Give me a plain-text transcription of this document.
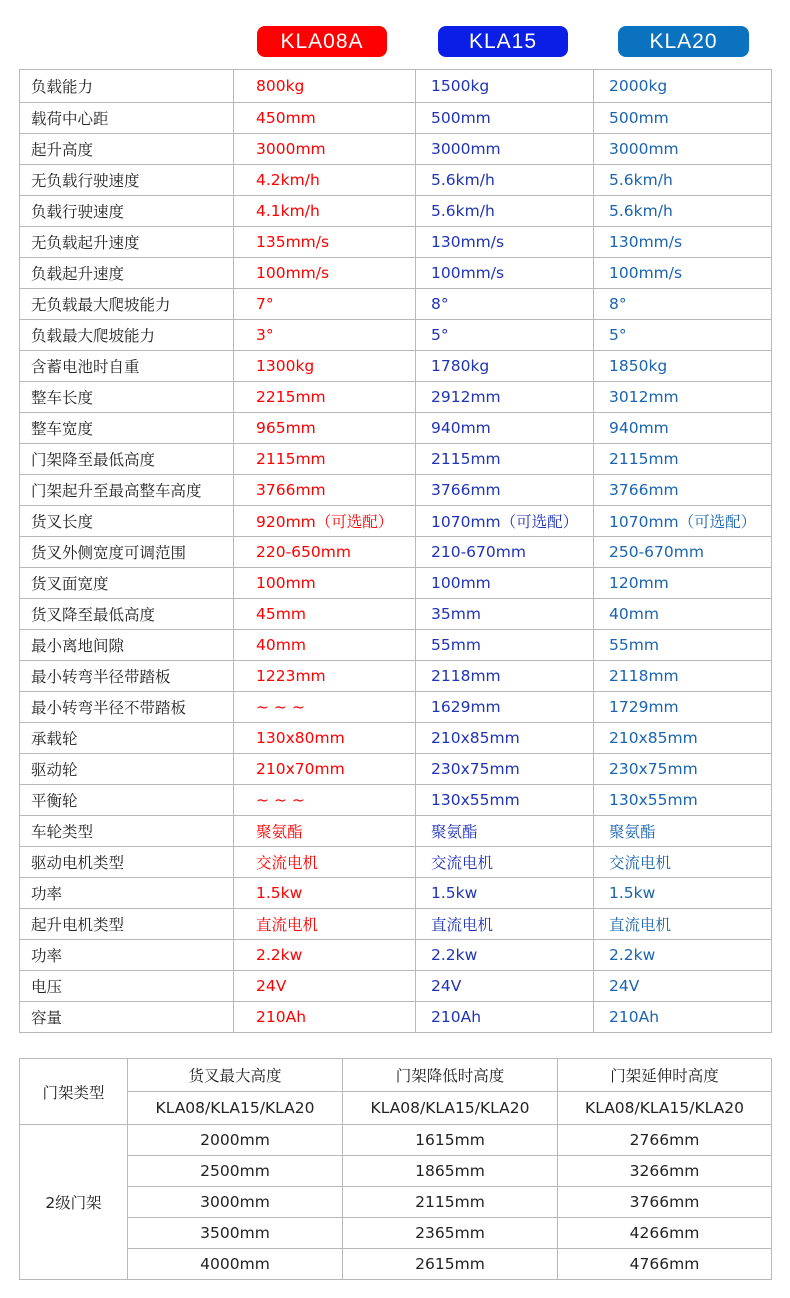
KLA08A	KLA15	KLA20
负载能力	800kg	1500kg	2000kg
载荷中心距	450mm	500mm	500mm
起升高度	3000mm	3000mm	3000mm
无负载行驶速度	4.2km/h	5.6km/h	5.6km/h
负载行驶速度	4.1km/h	5.6km/h	5.6km/h
无负载起升速度	135mm/s	130mm/s	130mm/s
负载起升速度	100mm/s	100mm/s	100mm/s
无负载最大爬坡能力	7°	8°	8°
负载最大爬坡能力	3°	5°	5°
含蓄电池时自重	1300kg	1780kg	1850kg
整车长度	2215mm	2912mm	3012mm
整车宽度	965mm	940mm	940mm
门架降至最低高度	2115mm	2115mm	2115mm
门架起升至最高整车高度	3766mm	3766mm	3766mm
货叉长度	920mm（可选配）	1070mm（可选配）	1070mm（可选配）
货叉外侧宽度可调范围	220-650mm	210-670mm	250-670mm
货叉面宽度	100mm	100mm	120mm
货叉降至最低高度	45mm	35mm	40mm
最小离地间隙	40mm	55mm	55mm
最小转弯半径带踏板	1223mm	2118mm	2118mm
最小转弯半径不带踏板	~ ~ ~	1629mm	1729mm
承载轮	130x80mm	210x85mm	210x85mm
驱动轮	210x70mm	230x75mm	230x75mm
平衡轮	~ ~ ~	130x55mm	130x55mm
车轮类型	聚氨酯	聚氨酯	聚氨酯
驱动电机类型	交流电机	交流电机	交流电机
功率	1.5kw	1.5kw	1.5kw
起升电机类型	直流电机	直流电机	直流电机
功率	2.2kw	2.2kw	2.2kw
电压	24V	24V	24V
容量	210Ah	210Ah	210Ah
门架类型	货叉最大高度	门架降低时高度	门架延伸时高度
	KLA08/KLA15/KLA20	KLA08/KLA15/KLA20	KLA08/KLA15/KLA20
2级门架	2000mm	1615mm	2766mm
	2500mm	1865mm	3266mm
	3000mm	2115mm	3766mm
	3500mm	2365mm	4266mm
	4000mm	2615mm	4766mm
